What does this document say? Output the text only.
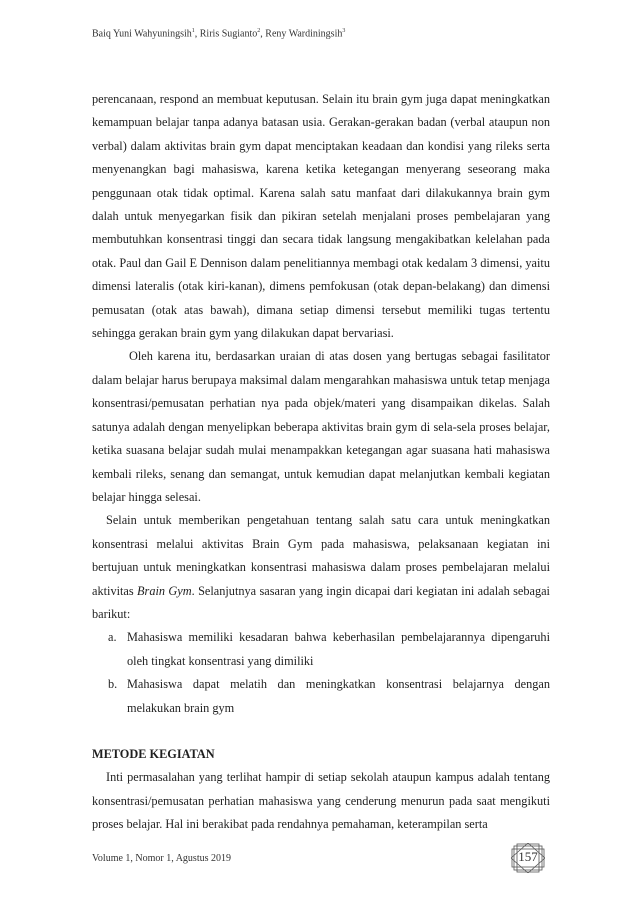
Baiq Yuni Wahyuningsih$^1$, Riris Sugianto$^2$, Reny Wardiningsih$^3$

perencanaan, respond an membuat keputusan. Selain itu brain gym juga dapat meningkatkan kemampuan belajar tanpa adanya batasan usia. Gerakan-gerakan badan (verbal ataupun non verbal) dalam aktivitas brain gym dapat menciptakan keadaan dan kondisi yang rileks serta menyenangkan bagi mahasiswa, karena ketika ketegangan menyerang seseorang maka penggunaan otak tidak optimal. Karena salah satu manfaat dari dilakukannya brain gym dalah untuk menyegarkan fisik dan pikiran setelah menjalani proses pembelajaran yang membutuhkan konsentrasi tinggi dan secara tidak langsung mengakibatkan kelelahan pada otak. Paul dan Gail E Dennison dalam penelitiannya membagi otak kedalam 3 dimensi, yaitu dimensi lateralis (otak kiri-kanan), dimens pemfokusan (otak depan-belakang) dan dimensi pemusatan (otak atas bawah), dimana setiap dimensi tersebut memiliki tugas tertentu sehingga gerakan brain gym yang dilakukan dapat bervariasi.

Oleh karena itu, berdasarkan uraian di atas dosen yang bertugas sebagai fasilitator dalam belajar harus berupaya maksimal dalam mengarahkan mahasiswa untuk tetap menjaga konsentrasi/pemusatan perhatian nya pada objek/materi yang disampaikan dikelas. Salah satunya adalah dengan menyelipkan beberapa aktivitas brain gym di sela-sela proses belajar, ketika suasana belajar sudah mulai menampakkan ketegangan agar suasana hati mahasiswa kembali rileks, senang dan semangat, untuk kemudian dapat melanjutkan kembali kegiatan belajar hingga selesai.

Selain untuk memberikan pengetahuan tentang salah satu cara untuk meningkatkan konsentrasi melalui aktivitas Brain Gym pada mahasiswa, pelaksanaan kegiatan ini bertujuan untuk meningkatkan konsentrasi mahasiswa dalam proses pembelajaran melalui aktivitas Brain Gym. Selanjutnya sasaran yang ingin dicapai dari kegiatan ini adalah sebagai barikut:

a. Mahasiswa memiliki kesadaran bahwa keberhasilan pembelajarannya dipengaruhi oleh tingkat konsentrasi yang dimiliki
b. Mahasiswa dapat melatih dan meningkatkan konsentrasi belajarnya dengan melakukan brain gym
METODE KEGIATAN

Inti permasalahan yang terlihat hampir di setiap sekolah ataupun kampus adalah tentang konsentrasi/pemusatan perhatian mahasiswa yang cenderung menurun pada saat mengikuti proses belajar. Hal ini berakibat pada rendahnya pemahaman, keterampilan serta

Volume 1, Nomor 1, Agustus 2019	157
